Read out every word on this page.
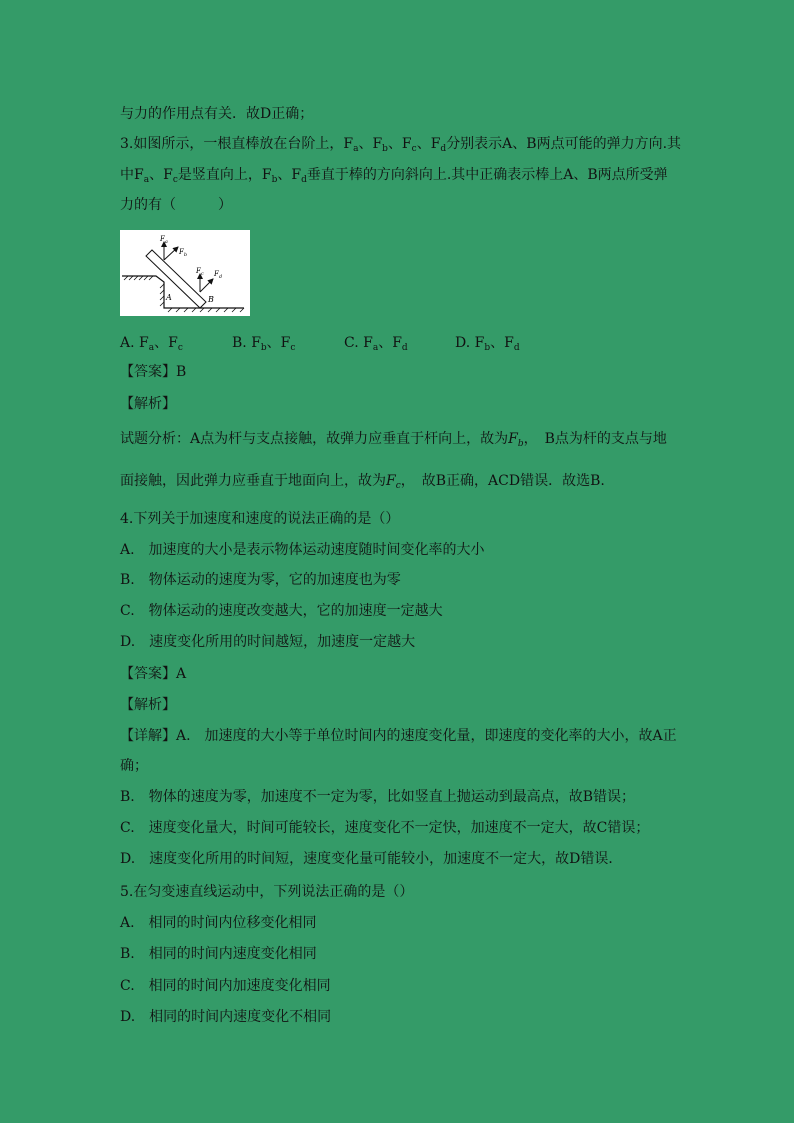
与力的作用点有关．故D正确；
3.如图所示，一根直棒放在台阶上，$F_a$、$F_b$、$F_c$、$F_d$分别表示A、B两点可能的弹力方向.其
中$F_a$、$F_c$是竖直向上，$F_b$、$F_d$垂直于棒的方向斜向上.其中正确表示棒上A、B两点所受弹
力的有（　　　）
$F_a$
$F_b$
$F_c$ $F_d$
A	B
A. $F_a$、$F_c$	B. $F_b$、$F_c$	C. $F_a$、$F_d$	D. $F_b$、$F_d$
【答案】B
【解析】
试题分析：A点为杆与支点接触，故弹力应垂直于杆向上，故为$F_b$，　B点为杆的支点与地
面接触，因此弹力应垂直于地面向上，故为$F_c$，　故B正确，ACD错误．故选B.
4.下列关于加速度和速度的说法正确的是（）
A.　加速度的大小是表示物体运动速度随时间变化率的大小
B.　物体运动的速度为零，它的加速度也为零
C.　物体运动的速度改变越大，它的加速度一定越大
D.　速度变化所用的时间越短，加速度一定越大
【答案】A
【解析】
【详解】A.　加速度的大小等于单位时间内的速度变化量，即速度的变化率的大小，故A正
确；
B.　物体的速度为零，加速度不一定为零，比如竖直上抛运动到最高点，故B错误；
C.　速度变化量大，时间可能较长，速度变化不一定快，加速度不一定大，故C错误；
D.　速度变化所用的时间短，速度变化量可能较小，加速度不一定大，故D错误．
5.在匀变速直线运动中，下列说法正确的是（）
A.　相同的时间内位移变化相同
B.　相同的时间内速度变化相同
C.　相同的时间内加速度变化相同
D.　相同的时间内速度变化不相同
